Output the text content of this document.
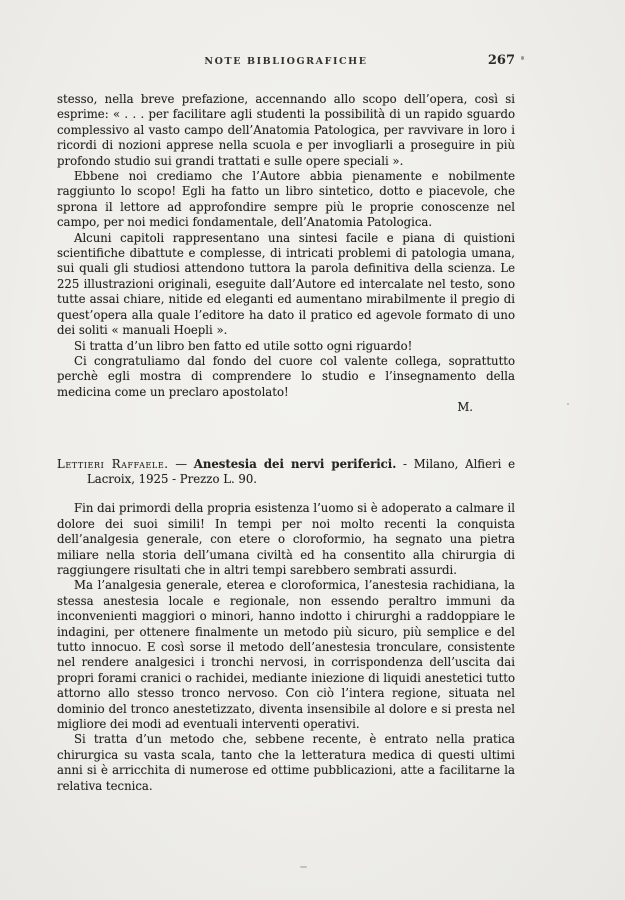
NOTE BIBLIOGRAFICHE	267

stesso, nella breve prefazione, accennando allo scopo dell’opera, così si esprime: « . . . per facilitare agli studenti la possibilità di un rapido sguardo complessivo al vasto campo dell’Anatomia Patologica, per ravvivare in loro i ricordi di nozioni apprese nella scuola e per invogliarli a proseguire in più profondo studio sui grandi trattati e sulle opere speciali ».

Ebbene noi crediamo che l’Autore abbia pienamente e nobilmente raggiunto lo scopo! Egli ha fatto un libro sintetico, dotto e piacevole, che sprona il lettore ad approfondire sempre più le proprie conoscenze nel campo, per noi medici fondamentale, dell’Anatomia Patologica.

Alcuni capitoli rappresentano una sintesi facile e piana di quistioni scientifiche dibattute e complesse, di intricati problemi di patologia umana, sui quali gli studiosi attendono tuttora la parola definitiva della scienza. Le 225 illustrazioni originali, eseguite dall’Autore ed intercalate nel testo, sono tutte assai chiare, nitide ed eleganti ed aumentano mirabilmente il pregio di quest’opera alla quale l’editore ha dato il pratico ed agevole formato di uno dei soliti « manuali Hoepli ».

Si tratta d’un libro ben fatto ed utile sotto ogni riguardo!

Ci congratuliamo dal fondo del cuore col valente collega, soprattutto perchè egli mostra di comprendere lo studio e l’insegnamento della medicina come un preclaro apostolato!

M.

Lettieri Raffaele. — Anestesia dei nervi periferici. - Milano, Alfieri e Lacroix, 1925 - Prezzo L. 90.

Fin dai primordi della propria esistenza l’uomo si è adoperato a calmare il dolore dei suoi simili! In tempi per noi molto recenti la conquista dell’analgesia generale, con etere o cloroformio, ha segnato una pietra miliare nella storia dell’umana civiltà ed ha consentito alla chirurgia di raggiungere risultati che in altri tempi sarebbero sembrati assurdi.

Ma l’analgesia generale, eterea e cloroformica, l’anestesia rachidiana, la stessa anestesia locale e regionale, non essendo peraltro immuni da inconvenienti maggiori o minori, hanno indotto i chirurghi a raddoppiare le indagini, per ottenere finalmente un metodo più sicuro, più semplice e del tutto innocuo. E così sorse il metodo dell’anestesia tronculare, consistente nel rendere analgesici i tronchi nervosi, in corrispondenza dell’uscita dai propri forami cranici o rachidei, mediante iniezione di liquidi anestetici tutto attorno allo stesso tronco nervoso. Con ciò l’intera regione, situata nel dominio del tronco anestetizzato, diventa insensibile al dolore e si presta nel migliore dei modi ad eventuali interventi operativi.

Si tratta d’un metodo che, sebbene recente, è entrato nella pratica chirurgica su vasta scala, tanto che la letteratura medica di questi ultimi anni si è arricchita di numerose ed ottime pubblicazioni, atte a facilitarne la relativa tecnica.
